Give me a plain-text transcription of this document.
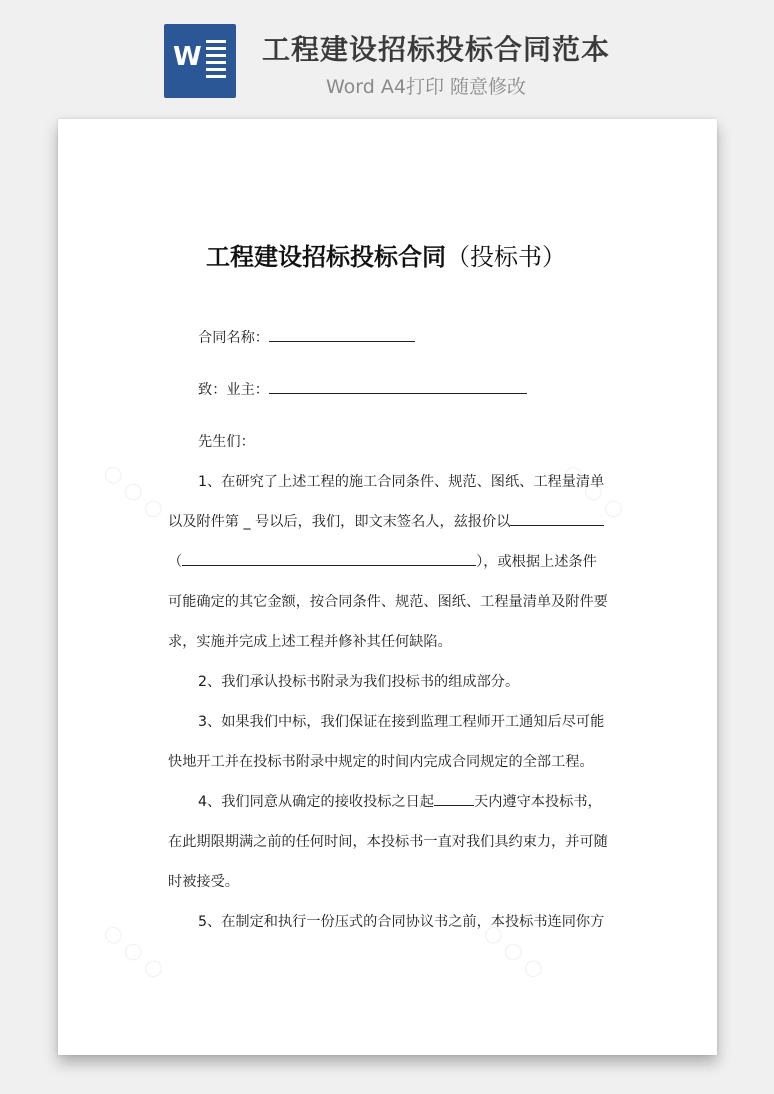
W 工程建设招标投标合同范本
Word A4打印 随意修改
○ ○ ○	○ ○ ○
○ ○ ○	○ ○ ○
工程建设招标投标合同（投标书）
合同名称：
致：业主：
先生们：
1、在研究了上述工程的施工合同条件、规范、图纸、工程量清单
以及附件第 _ 号以后，我们，即文末签名人，兹报价以
（	），或根据上述条件
可能确定的其它金额，按合同条件、规范、图纸、工程量清单及附件要
求，实施并完成上述工程并修补其任何缺陷。
2、我们承认投标书附录为我们投标书的组成部分。
3、如果我们中标，我们保证在接到监理工程师开工通知后尽可能
快地开工并在投标书附录中规定的时间内完成合同规定的全部工程。
4、我们同意从确定的接收投标之日起	天内遵守本投标书，
在此期限期满之前的任何时间，本投标书一直对我们具约束力，并可随
时被接受。
5、在制定和执行一份压式的合同协议书之前，本投标书连同你方
